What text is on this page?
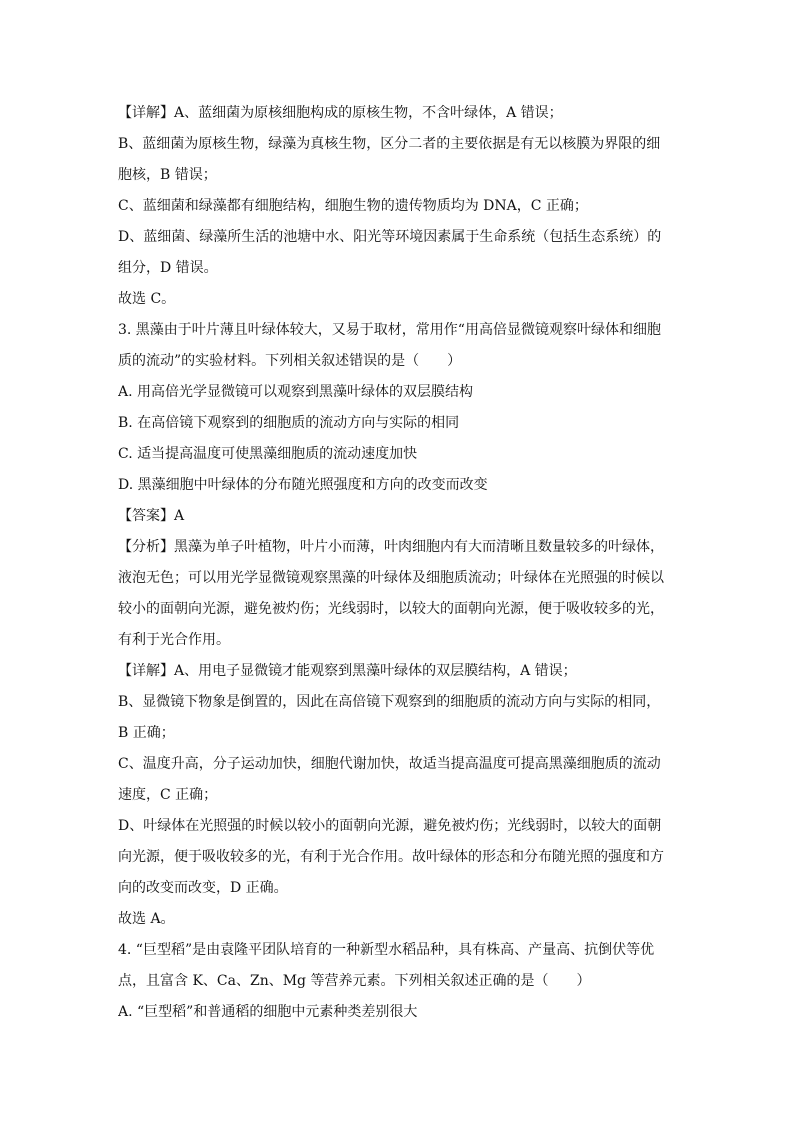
【详解】A、蓝细菌为原核细胞构成的原核生物，不含叶绿体，A 错误；
B、蓝细菌为原核生物，绿藻为真核生物，区分二者的主要依据是有无以核膜为界限的细
胞核，B 错误；
C、蓝细菌和绿藻都有细胞结构，细胞生物的遗传物质均为 DNA，C 正确；
D、蓝细菌、绿藻所生活的池塘中水、阳光等环境因素属于生命系统（包括生态系统）的
组分，D 错误。
故选 C。
3. 黑藻由于叶片薄且叶绿体较大，又易于取材，常用作“用高倍显微镜观察叶绿体和细胞
质的流动”的实验材料。下列相关叙述错误的是（　　）
A. 用高倍光学显微镜可以观察到黑藻叶绿体的双层膜结构
B. 在高倍镜下观察到的细胞质的流动方向与实际的相同
C. 适当提高温度可使黑藻细胞质的流动速度加快
D. 黑藻细胞中叶绿体的分布随光照强度和方向的改变而改变
【答案】A
【分析】黑藻为单子叶植物，叶片小而薄，叶肉细胞内有大而清晰且数量较多的叶绿体，
液泡无色；可以用光学显微镜观察黑藻的叶绿体及细胞质流动；叶绿体在光照强的时候以
较小的面朝向光源，避免被灼伤；光线弱时，以较大的面朝向光源，便于吸收较多的光，
有利于光合作用。
【详解】A、用电子显微镜才能观察到黑藻叶绿体的双层膜结构，A 错误；
B、显微镜下物象是倒置的，因此在高倍镜下观察到的细胞质的流动方向与实际的相同，
B 正确；
C、温度升高，分子运动加快，细胞代谢加快，故适当提高温度可提高黑藻细胞质的流动
速度，C 正确；
D、叶绿体在光照强的时候以较小的面朝向光源，避免被灼伤；光线弱时，以较大的面朝
向光源，便于吸收较多的光，有利于光合作用。故叶绿体的形态和分布随光照的强度和方
向的改变而改变，D 正确。
故选 A。
4. “巨型稻”是由袁隆平团队培育的一种新型水稻品种，具有株高、产量高、抗倒伏等优
点，且富含 K、Ca、Zn、Mg 等营养元素。下列相关叙述正确的是（　　）
A. “巨型稻”和普通稻的细胞中元素种类差别很大
